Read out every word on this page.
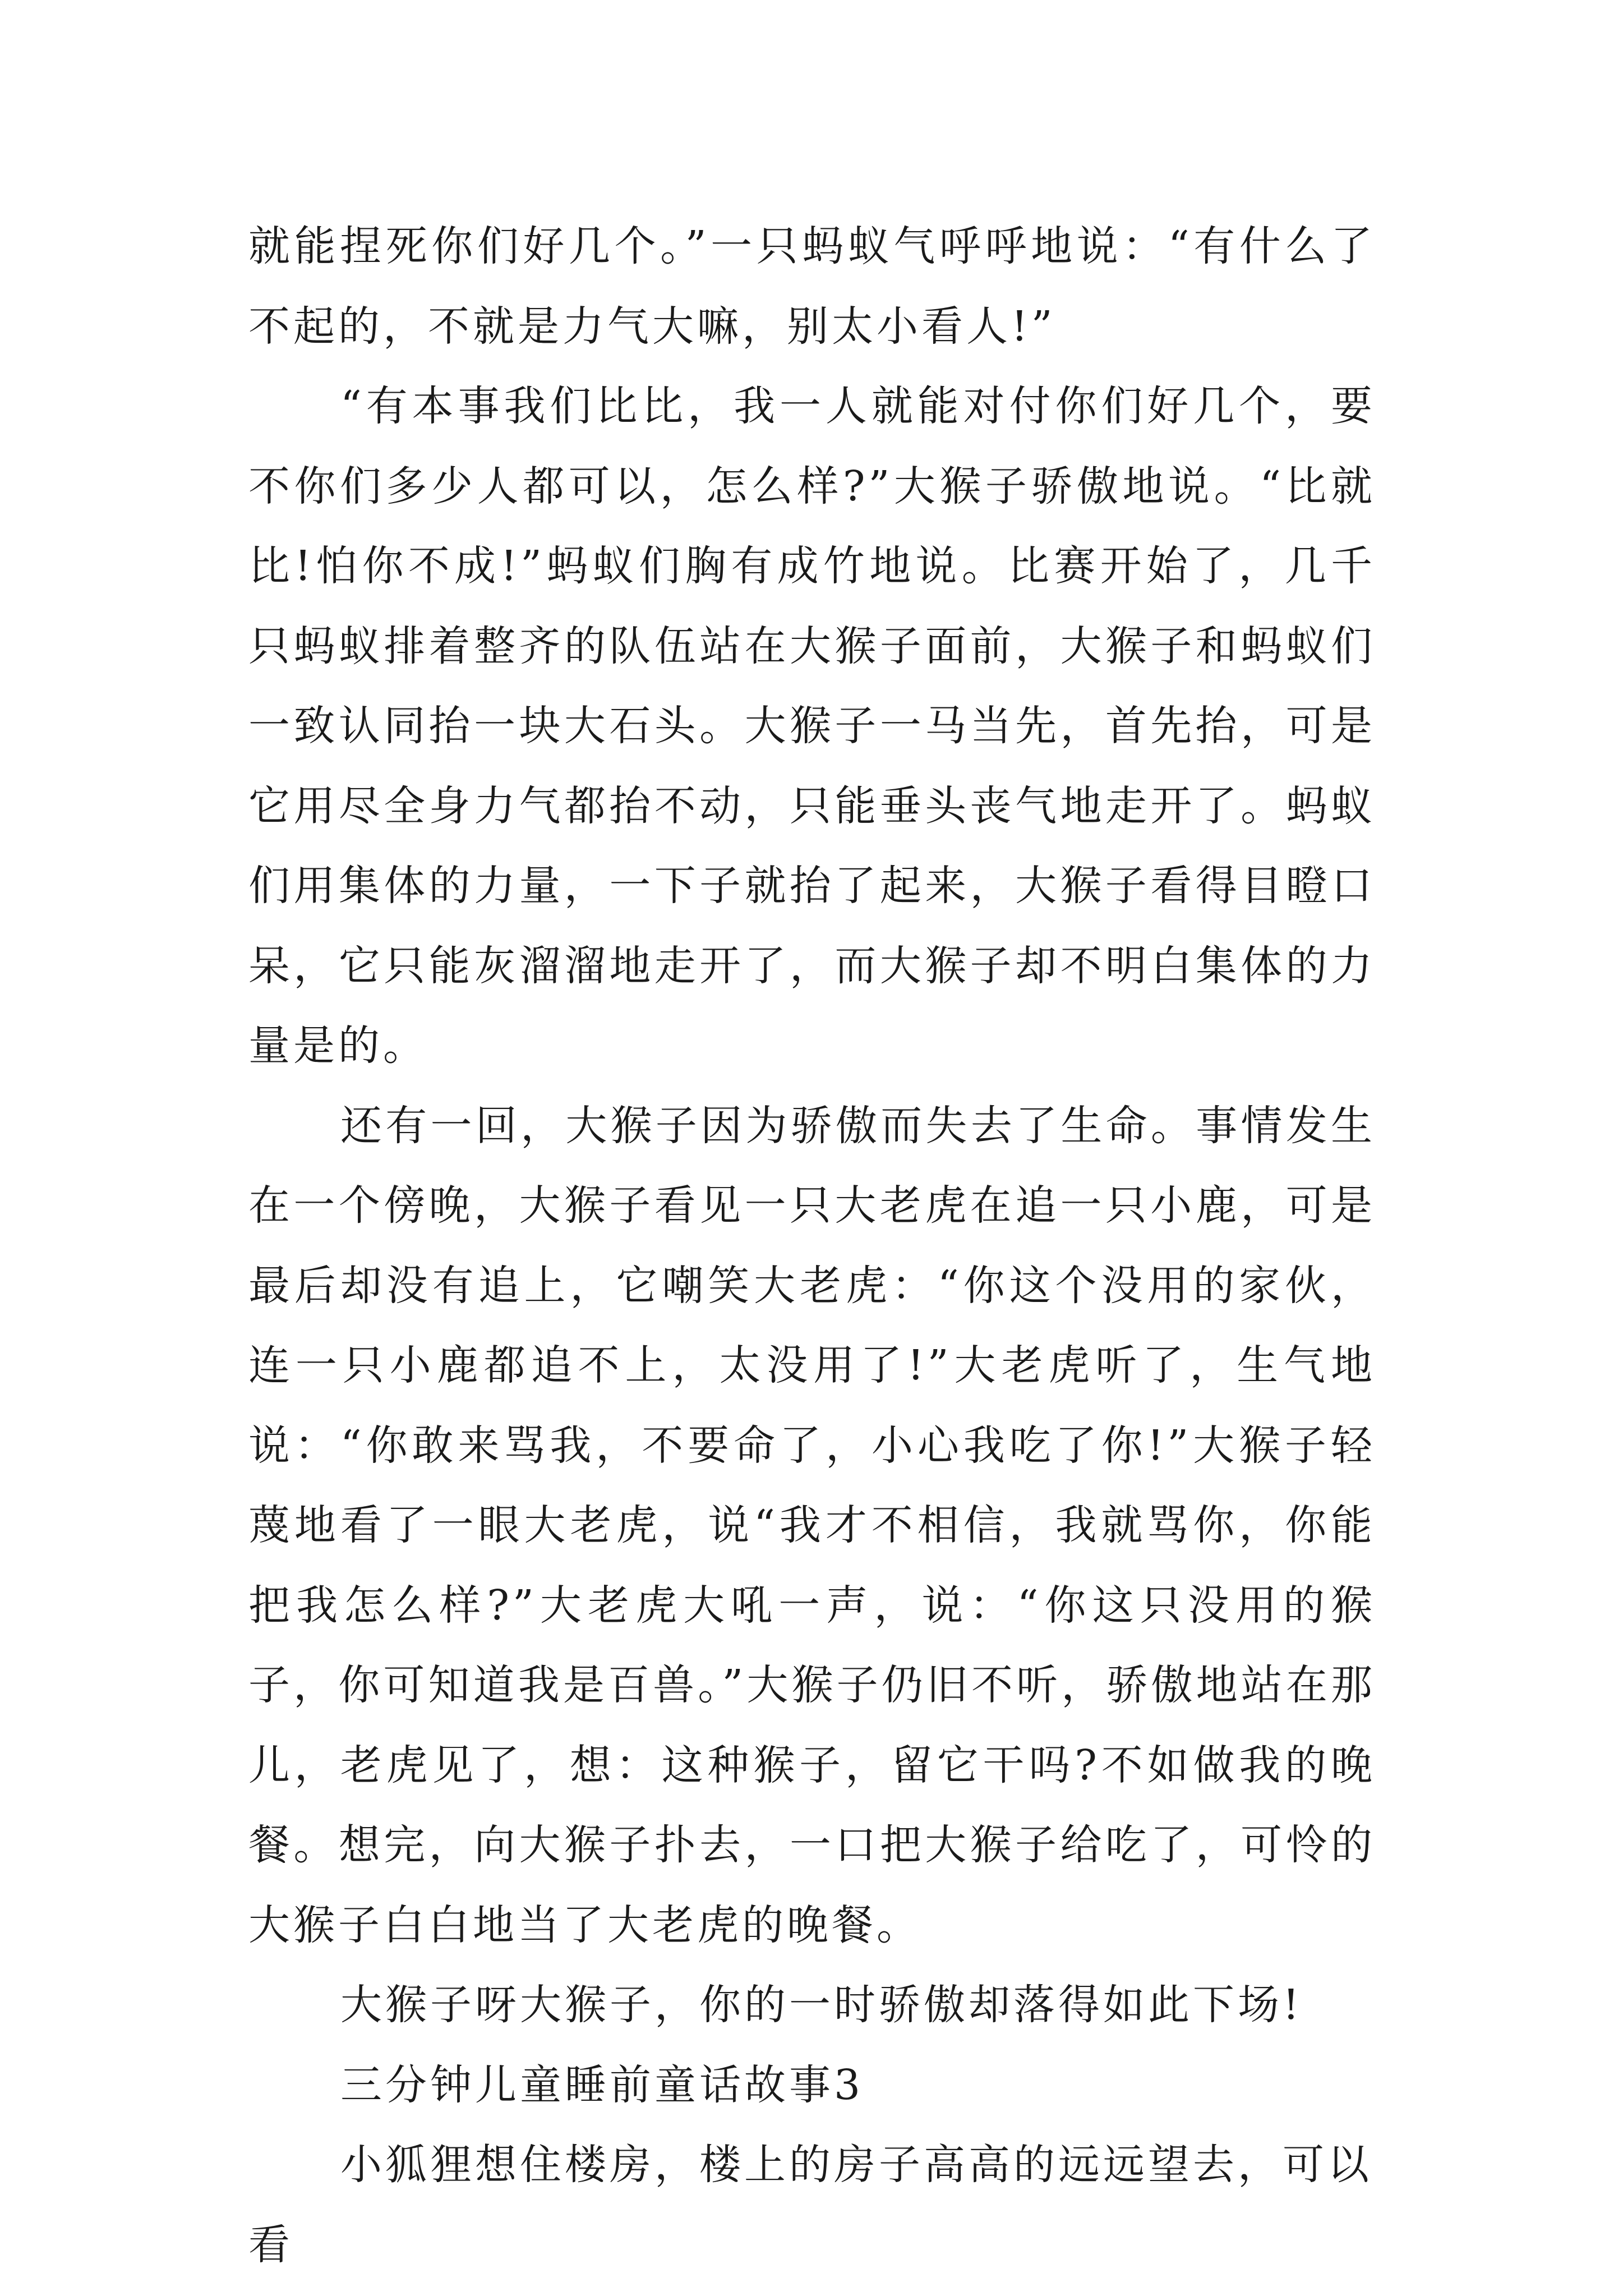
就能捏死你们好几个。”一只蚂蚁气呼呼地说：“有什么了不起的，不就是力气大嘛，别太小看人!”

“有本事我们比比，我一人就能对付你们好几个，要不你们多少人都可以，怎么样?”大猴子骄傲地说。“比就比!怕你不成!”蚂蚁们胸有成竹地说。比赛开始了，几千只蚂蚁排着整齐的队伍站在大猴子面前，大猴子和蚂蚁们一致认同抬一块大石头。大猴子一马当先，首先抬，可是它用尽全身力气都抬不动，只能垂头丧气地走开了。蚂蚁们用集体的力量，一下子就抬了起来，大猴子看得目瞪口呆，它只能灰溜溜地走开了，而大猴子却不明白集体的力量是的。

还有一回，大猴子因为骄傲而失去了生命。事情发生在一个傍晚，大猴子看见一只大老虎在追一只小鹿，可是最后却没有追上，它嘲笑大老虎：“你这个没用的家伙，连一只小鹿都追不上，太没用了!”大老虎听了，生气地说：“你敢来骂我，不要命了，小心我吃了你!”大猴子轻蔑地看了一眼大老虎，说“我才不相信，我就骂你，你能把我怎么样?”大老虎大吼一声，说：“你这只没用的猴子，你可知道我是百兽。”大猴子仍旧不听，骄傲地站在那儿，老虎见了，想：这种猴子，留它干吗?不如做我的晚餐。想完，向大猴子扑去，一口把大猴子给吃了，可怜的大猴子白白地当了大老虎的晚餐。

大猴子呀大猴子，你的一时骄傲却落得如此下场!

三分钟儿童睡前童话故事3

小狐狸想住楼房，楼上的房子高高的远远望去，可以看
